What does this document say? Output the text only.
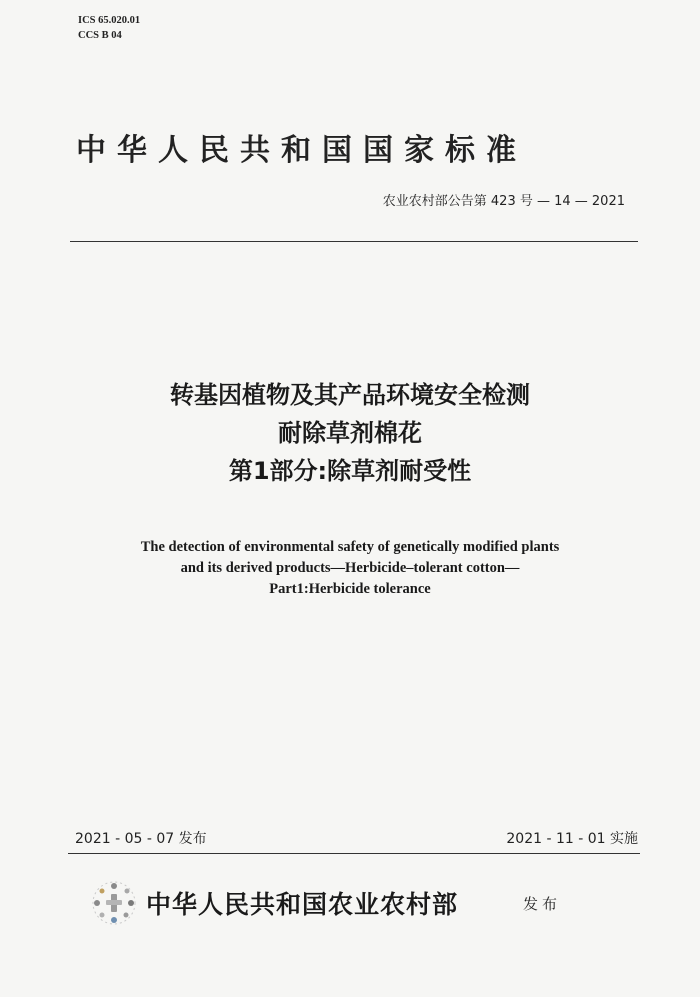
ICS 65.020.01
CCS B 04
中华人民共和国国家标准
农业农村部公告第 423 号 — 14 — 2021
转基因植物及其产品环境安全检测
耐除草剂棉花
第1部分:除草剂耐受性
The detection of environmental safety of genetically modified plants
and its derived products—Herbicide–tolerant cotton—
Part1:Herbicide tolerance
2021 - 05 - 07 发布	2021 - 11 - 01 实施
中华人民共和国农业农村部	发布
